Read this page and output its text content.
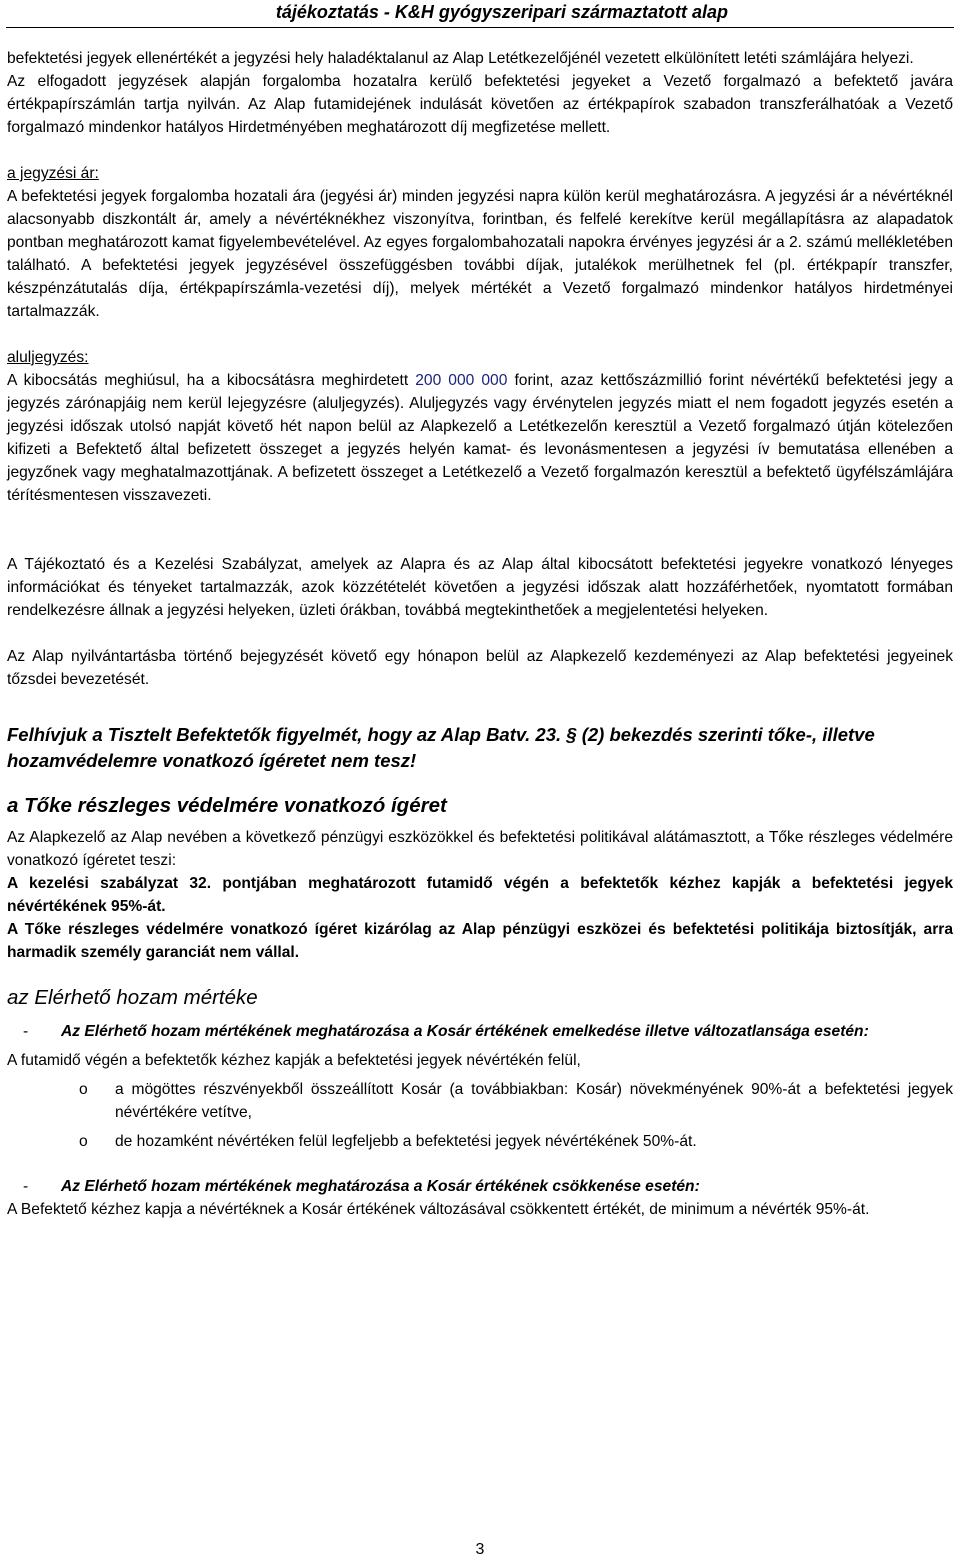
tájékoztatás - K&H gyógyszeripari származtatott alap

befektetési jegyek ellenértékét a jegyzési hely haladéktalanul az Alap Letétkezelőjénél vezetett elkülönített letéti számlájára helyezi.

Az elfogadott jegyzések alapján forgalomba hozatalra kerülő befektetési jegyeket a Vezető forgalmazó a befektető javára értékpapírszámlán tartja nyilván. Az Alap futamidejének indulását követően az értékpapírok szabadon transzferálhatóak a Vezető forgalmazó mindenkor hatályos Hirdetményében meghatározott díj megfizetése mellett.

a jegyzési ár:

A befektetési jegyek forgalomba hozatali ára (jegyési ár) minden jegyzési napra külön kerül meghatározásra. A jegyzési ár a névértéknél alacsonyabb diszkontált ár, amely a névértéknékhez viszonyítva, forintban, és felfelé kerekítve kerül megállapításra az alapadatok pontban meghatározott kamat figyelembevételével. Az egyes forgalombahozatali napokra érvényes jegyzési ár a 2. számú mellékletében található. A befektetési jegyek jegyzésével összefüggésben további díjak, jutalékok merülhetnek fel (pl. értékpapír transzfer, készpénzátutalás díja, értékpapírszámla-vezetési díj), melyek mértékét a Vezető forgalmazó mindenkor hatályos hirdetményei tartalmazzák.

aluljegyzés:

A kibocsátás meghiúsul, ha a kibocsátásra meghirdetett 200 000 000 forint, azaz kettőszázmillió forint névértékű befektetési jegy a jegyzés zárónapjáig nem kerül lejegyzésre (aluljegyzés). Aluljegyzés vagy érvénytelen jegyzés miatt el nem fogadott jegyzés esetén a jegyzési időszak utolsó napját követő hét napon belül az Alapkezelő a Letétkezelőn keresztül a Vezető forgalmazó útján kötelezően kifizeti a Befektető által befizetett összeget a jegyzés helyén kamat- és levonásmentesen a jegyzési ív bemutatása ellenében a jegyzőnek vagy meghatalmazottjának. A befizetett összeget a Letétkezelő a Vezető forgalmazón keresztül a befektető ügyfélszámlájára térítésmentesen visszavezeti.

A Tájékoztató és a Kezelési Szabályzat, amelyek az Alapra és az Alap által kibocsátott befektetési jegyekre vonatkozó lényeges információkat és tényeket tartalmazzák, azok közzétételét követően a jegyzési időszak alatt hozzáférhetőek, nyomtatott formában rendelkezésre állnak a jegyzési helyeken, üzleti órákban, továbbá megtekinthetőek a megjelentetési helyeken.

Az Alap nyilvántartásba történő bejegyzését követő egy hónapon belül az Alapkezelő kezdeményezi az Alap befektetési jegyeinek tőzsdei bevezetését.

Felhívjuk a Tisztelt Befektetők figyelmét, hogy az Alap Batv. 23. § (2) bekezdés szerinti tőke-, illetve hozamvédelemre vonatkozó ígéretet nem tesz!

a Tőke részleges védelmére vonatkozó ígéret

Az Alapkezelő az Alap nevében a következő pénzügyi eszközökkel és befektetési politikával alátámasztott, a Tőke részleges védelmére vonatkozó ígéretet teszi:

A kezelési szabályzat 32. pontjában meghatározott futamidő végén a befektetők kézhez kapják a befektetési jegyek névértékének 95%-át.

A Tőke részleges védelmére vonatkozó ígéret kizárólag az Alap pénzügyi eszközei és befektetési politikája biztosítják, arra harmadik személy garanciát nem vállal.

az Elérhető hozam mértéke
-	Az Elérhető hozam mértékének meghatározása a Kosár értékének emelkedése illetve változatlansága esetén:

A futamidő végén a befektetők kézhez kapják a befektetési jegyek névértékén felül,

o	a mögöttes részvényekből összeállított Kosár (a továbbiakban: Kosár) növekményének 90%-át a befektetési jegyek névértékére vetítve,
o	de hozamként névértéken felül legfeljebb a befektetési jegyek névértékének 50%-át.
-	Az Elérhető hozam mértékének meghatározása a Kosár értékének csökkenése esetén:

A Befektető kézhez kapja a névértéknek a Kosár értékének változásával csökkentett értékét, de minimum a névérték 95%-át.

3
